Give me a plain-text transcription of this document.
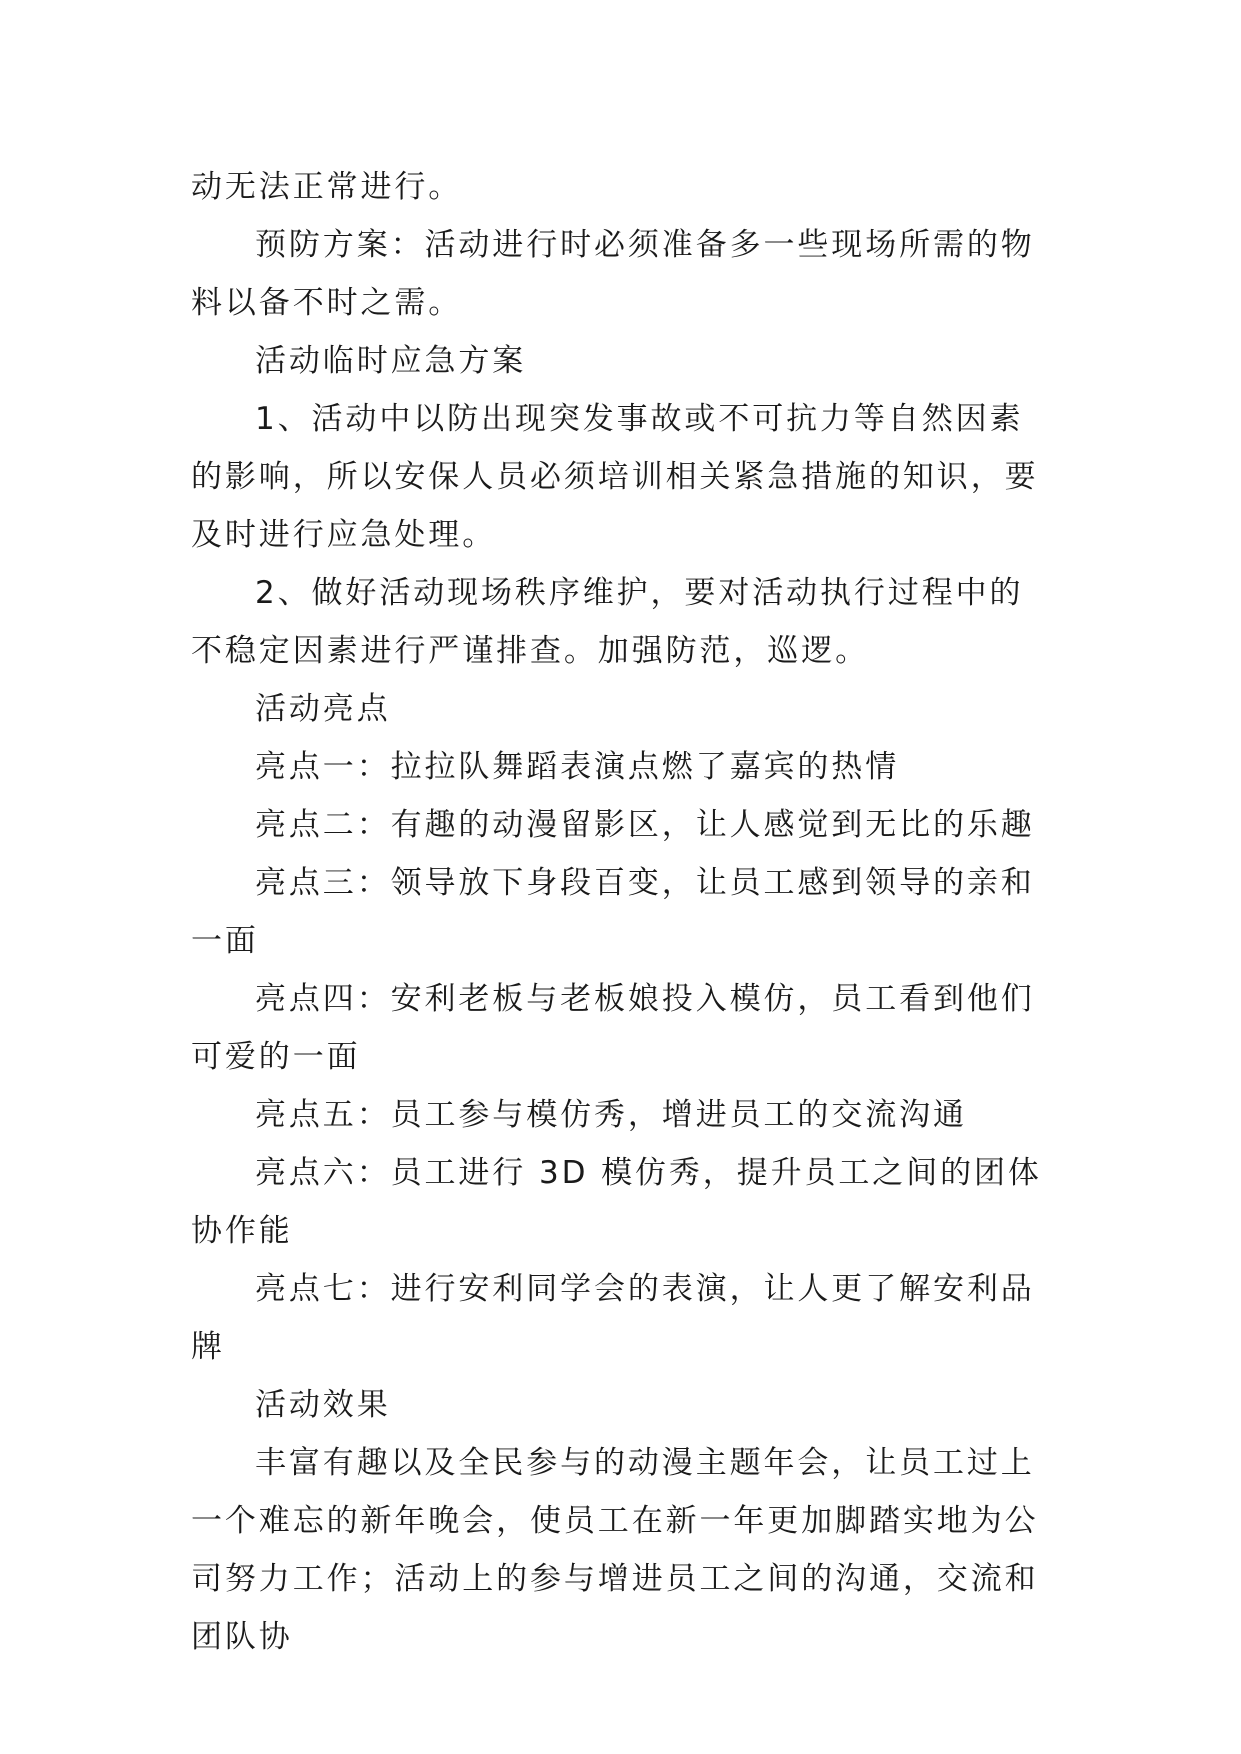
动无法正常进行。

预防方案：活动进行时必须准备多一些现场所需的物料以备不时之需。

活动临时应急方案

1、活动中以防出现突发事故或不可抗力等自然因素的影响，所以安保人员必须培训相关紧急措施的知识，要及时进行应急处理。

2、做好活动现场秩序维护，要对活动执行过程中的不稳定因素进行严谨排查。加强防范，巡逻。

活动亮点

亮点一：拉拉队舞蹈表演点燃了嘉宾的热情

亮点二：有趣的动漫留影区，让人感觉到无比的乐趣

亮点三：领导放下身段百变，让员工感到领导的亲和一面

亮点四：安利老板与老板娘投入模仿，员工看到他们可爱的一面

亮点五：员工参与模仿秀，增进员工的交流沟通

亮点六：员工进行 3D 模仿秀，提升员工之间的团体协作能

亮点七：进行安利同学会的表演，让人更了解安利品牌

活动效果

丰富有趣以及全民参与的动漫主题年会，让员工过上一个难忘的新年晚会，使员工在新一年更加脚踏实地为公司努力工作；活动上的参与增进员工之间的沟通，交流和团队协
